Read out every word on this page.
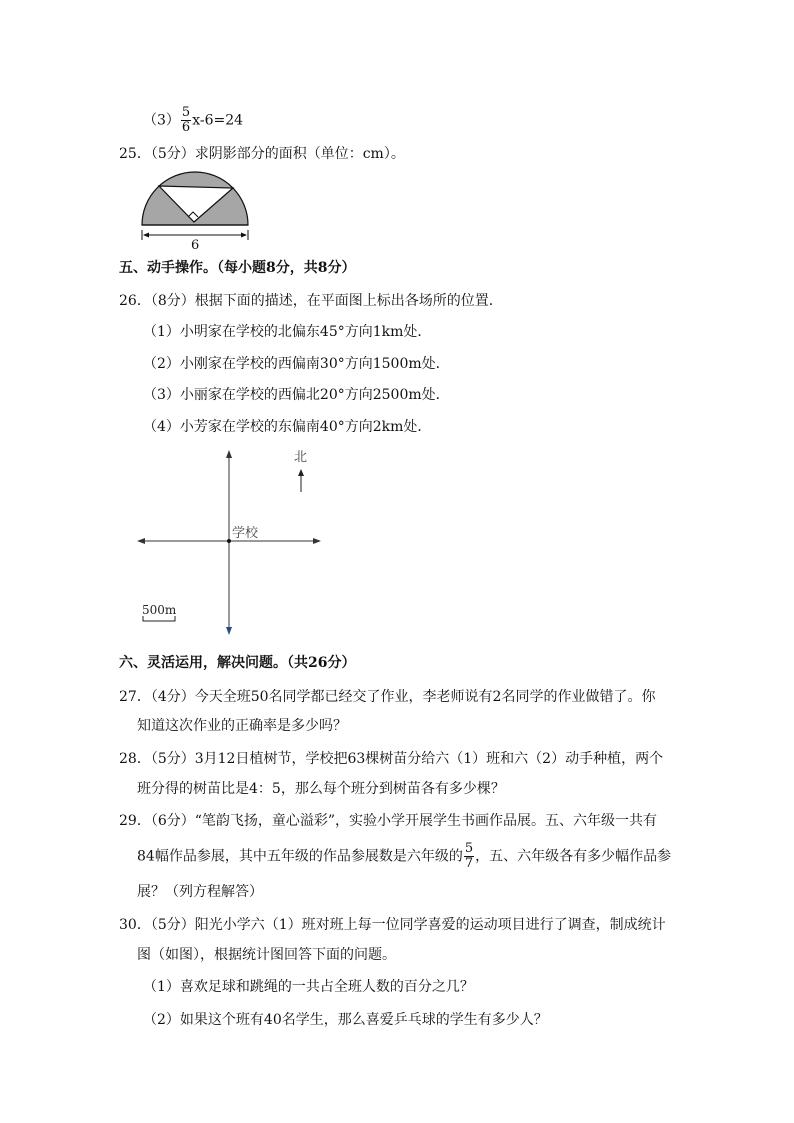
$(3) \frac{5}{6} x-6=24$
25．（5分）求阴影部分的面积（单位：cm）。
6
五、动手操作。（每小题8分，共8分）
26．（8分）根据下面的描述，在平面图上标出各场所的位置．
（1）小明家在学校的北偏东45°方向1km处．
（2）小刚家在学校的西偏南30°方向1500m处．
（3）小丽家在学校的西偏北20°方向2500m处．
（4）小芳家在学校的东偏南40°方向2km处．
学校
北
500m
六、灵活运用，解决问题。（共26分）
27．（4分）今天全班50名同学都已经交了作业，李老师说有2名同学的作业做错了。你
知道这次作业的正确率是多少吗？
28．（5分）3月12日植树节，学校把63棵树苗分给六（1）班和六（2）动手种植，两个
班分得的树苗比是4：5，那么每个班分到树苗各有多少棵？
29．（6分）“笔韵飞扬，童心溢彩”，实验小学开展学生书画作品展。五、六年级一共有
84幅作品参展，其中五年级的作品参展数是六年级的 $\frac{5}{7}$ ，五、六年级各有多少幅作品参
展？（列方程解答）
30．（5分）阳光小学六（1）班对班上每一位同学喜爱的运动项目进行了调查，制成统计
图（如图），根据统计图回答下面的问题。
（1）喜欢足球和跳绳的一共占全班人数的百分之几？
（2）如果这个班有40名学生，那么喜爱乒乓球的学生有多少人？
